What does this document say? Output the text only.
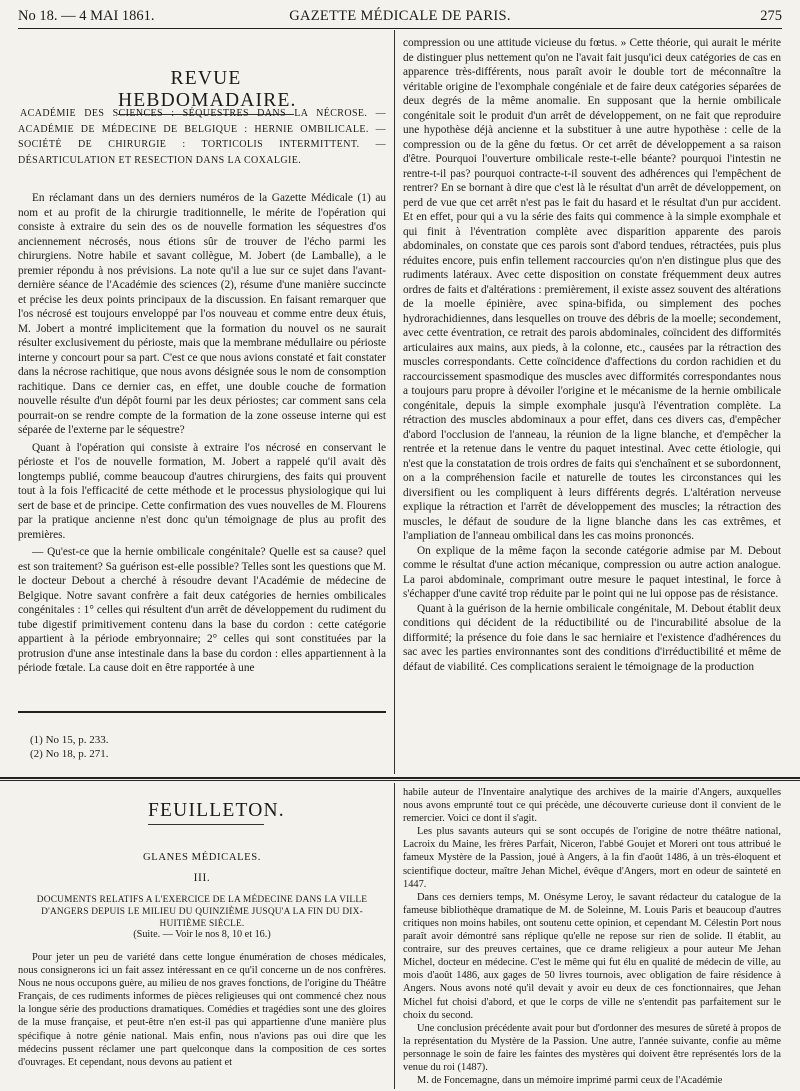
No 18. — 4 MAI 1861.	GAZETTE MÉDICALE DE PARIS.	275
REVUE HEBDOMADAIRE.
ACADÉMIE DES SCIENCES : SÉQUESTRES DANS LA NÉCROSE. — ACADÉMIE DE MÉDECINE DE BELGIQUE : HERNIE OMBILICALE. — SOCIÉTÉ DE CHIRURGIE : TORTICOLIS INTERMITTENT. — DÉSARTICULATION ET RESECTION DANS LA COXALGIE.

En réclamant dans un des derniers numéros de la Gazette Médicale (1) au nom et au profit de la chirurgie traditionnelle, le mérite de l'opération qui consiste à extraire du sein des os de nouvelle formation les séquestres d'os anciennement nécrosés, nous étions sûr de trouver de l'écho parmi les chirurgiens. Notre habile et savant collègue, M. Jobert (de Lamballe), a le premier répondu à nos prévisions. La note qu'il a lue sur ce sujet dans l'avant-dernière séance de l'Académie des sciences (2), résume d'une manière succincte et précise les deux points principaux de la discussion. En faisant remarquer que l'os nécrosé est toujours enveloppé par l'os nouveau et comme entre deux étuis, M. Jobert a montré implicitement que la formation du nouvel os ne saurait résulter exclusivement du périoste, mais que la membrane médullaire ou périoste interne y concourt pour sa part. C'est ce que nous avions constaté et fait constater dans la nécrose rachitique, que nous avons désignée sous le nom de consomption rachitique. Dans ce dernier cas, en effet, une double couche de formation nouvelle résulte d'un dépôt fourni par les deux périostes; car comment sans cela pourrait-on se rendre compte de la formation de la zone osseuse interne qui est séparée de l'externe par le séquestre?

Quant à l'opération qui consiste à extraire l'os nécrosé en conservant le périoste et l'os de nouvelle formation, M. Jobert a rappelé qu'il avait dès longtemps publié, comme beaucoup d'autres chirurgiens, des faits qui prouvent tout à la fois l'efficacité de cette méthode et le processus physiologique qui lui sert de base et de principe. Cette confirmation des vues nouvelles de M. Flourens par la pratique ancienne n'est donc qu'un témoignage de plus au profit des premières.

— Qu'est-ce que la hernie ombilicale congénitale? Quelle est sa cause? quel est son traitement? Sa guérison est-elle possible? Telles sont les questions que M. le docteur Debout a cherché à résoudre devant l'Académie de médecine de Belgique. Notre savant confrère a fait deux catégories de hernies ombilicales congénitales : 1° celles qui résultent d'un arrêt de développement du rudiment du tube digestif primitivement contenu dans la base du cordon : cette catégorie appartient à la période embryonnaire; 2° celles qui sont constituées par la protrusion d'une anse intestinale dans la base du cordon : elles appartiennent à la période fœtale. La cause doit en être rapportée à une

(1) No 15, p. 233.
(2) No 18, p. 271.

compression ou une attitude vicieuse du fœtus. » Cette théorie, qui aurait le mérite de distinguer plus nettement qu'on ne l'avait fait jusqu'ici deux catégories de cas en apparence très-différents, nous paraît avoir le double tort de méconnaître la véritable origine de l'exomphale congéniale et de faire deux catégories séparées de deux degrés de la même anomalie. En supposant que la hernie ombilicale congénitale soit le produit d'un arrêt de développement, on ne fait que reproduire une hypothèse déjà ancienne et la substituer à une autre hypothèse : celle de la compression ou de la gêne du fœtus. Or cet arrêt de développement a sa raison d'être. Pourquoi l'ouverture ombilicale reste-t-elle béante? pourquoi l'intestin ne rentre-t-il pas? pourquoi contracte-t-il souvent des adhérences qui l'empêchent de rentrer? En se bornant à dire que c'est là le résultat d'un arrêt de développement, on perd de vue que cet arrêt n'est pas le fait du hasard et le résultat d'un pur accident. Et en effet, pour qui a vu la série des faits qui commence à la simple exomphale et qui finit à l'éventration complète avec disparition apparente des parois abdominales, on constate que ces parois sont d'abord tendues, rétractées, puis plus réduites encore, puis enfin tellement raccourcies qu'on n'en distingue plus que des rudiments latéraux. Avec cette disposition on constate fréquemment deux autres ordres de faits et d'altérations : premièrement, il existe assez souvent des altérations de la moelle épinière, avec spina-bifida, ou simplement des poches hydrorachidiennes, dans lesquelles on trouve des débris de la moelle; secondement, avec cette éventration, ce retrait des parois abdominales, coïncident des difformités articulaires aux mains, aux pieds, à la colonne, etc., causées par la rétraction des muscles correspondants. Cette coïncidence d'affections du cordon rachidien et du raccourcissement spasmodique des muscles avec difformités correspondantes nous a toujours paru propre à dévoiler l'origine et le mécanisme de la hernie ombilicale congénitale, depuis la simple exomphale jusqu'à l'éventration complète. La rétraction des muscles abdominaux a pour effet, dans ces divers cas, d'empêcher d'abord l'occlusion de l'anneau, la réunion de la ligne blanche, et d'empêcher la rentrée et la retenue dans le ventre du paquet intestinal. Avec cette étiologie, qui n'est que la constatation de trois ordres de faits qui s'enchaînent et se subordonnent, on a la compréhension facile et naturelle de toutes les circonstances qui les diversifient ou les compliquent à leurs différents degrés. L'altération nerveuse explique la rétraction et l'arrêt de développement des muscles; la rétraction des muscles, le défaut de soudure de la ligne blanche dans les cas extrêmes, et l'ampliation de l'anneau ombilical dans les cas moins prononcés.

On explique de la même façon la seconde catégorie admise par M. Debout comme le résultat d'une action mécanique, compression ou autre action analogue. La paroi abdominale, comprimant outre mesure le paquet intestinal, le force à s'échapper d'une cavité trop réduite par le point qui ne lui oppose pas de résistance.

Quant à la guérison de la hernie ombilicale congénitale, M. Debout établit deux conditions qui décident de la réductibilité ou de l'incurabilité absolue de la difformité; la présence du foie dans le sac herniaire et l'existence d'adhérences du sac avec les parties environnantes sont des conditions d'irréductibilité et même de défaut de viabilité. Ces complications seraient le témoignage de la production

FEUILLETON.
GLANES MÉDICALES.
III.
DOCUMENTS RELATIFS A L'EXERCICE DE LA MÉDECINE DANS LA VILLE D'ANGERS DEPUIS LE MILIEU DU QUINZIÈME JUSQU'A LA FIN DU DIX-HUITIÈME SIÈCLE.
(Suite. — Voir le nos 8, 10 et 16.)

Pour jeter un peu de variété dans cette longue énumération de choses médicales, nous consignerons ici un fait assez intéressant en ce qu'il concerne un de nos confrères. Nous ne nous occupons guère, au milieu de nos graves fonctions, de l'origine du Théâtre Français, de ces rudiments informes de pièces religieuses qui ont commencé chez nous la longue série des productions dramatiques. Comédies et tragédies sont une des gloires de la muse française, et peut-être n'en est-il pas qui appartienne d'une manière plus spécifique à notre génie national. Mais enfin, nous n'avions pas oui dire que les médecins pussent réclamer une part quelconque dans la composition de ces sortes d'ouvrages. Et cependant, nous devons au patient et

habile auteur de l'Inventaire analytique des archives de la mairie d'Angers, auxquelles nous avons emprunté tout ce qui précède, une découverte curieuse dont il convient de le remercier. Voici ce dont il s'agit.

Les plus savants auteurs qui se sont occupés de l'origine de notre théâtre national, Lacroix du Maine, les frères Parfait, Niceron, l'abbé Goujet et Moreri ont tous attribué le fameux Mystère de la Passion, joué à Angers, à la fin d'août 1486, à un très-éloquent et scientifique docteur, maître Jehan Michel, évêque d'Angers, mort en odeur de sainteté en 1447.

Dans ces derniers temps, M. Onésyme Leroy, le savant rédacteur du catalogue de la fameuse bibliothèque dramatique de M. de Soleinne, M. Louis Paris et beaucoup d'autres critiques non moins habiles, ont soutenu cette opinion, et cependant M. Célestin Port nous paraît avoir démontré sans réplique qu'elle ne repose sur rien de solide. Il établit, au contraire, sur des preuves certaines, que ce drame religieux a pour auteur Me Jehan Michel, docteur en médecine. C'est le même qui fut élu en qualité de médecin de ville, au mois d'août 1486, aux gages de 50 livres tournois, avec obligation de faire résidence à Angers. Nous avons noté qu'il devait y avoir eu deux de ces fonctionnaires, que Jehan Michel fut choisi d'abord, et que le corps de ville ne s'entendit pas parfaitement sur le choix du second.

Une conclusion précédente avait pour but d'ordonner des mesures de sûreté à propos de la représentation du Mystère de la Passion. Une autre, l'année suivante, confie au même personnage le soin de faire les faintes des mystères qui doivent être représentés lors de la venue du roi (1487).

M. de Foncemagne, dans un mémoire imprimé parmi ceux de l'Académie
